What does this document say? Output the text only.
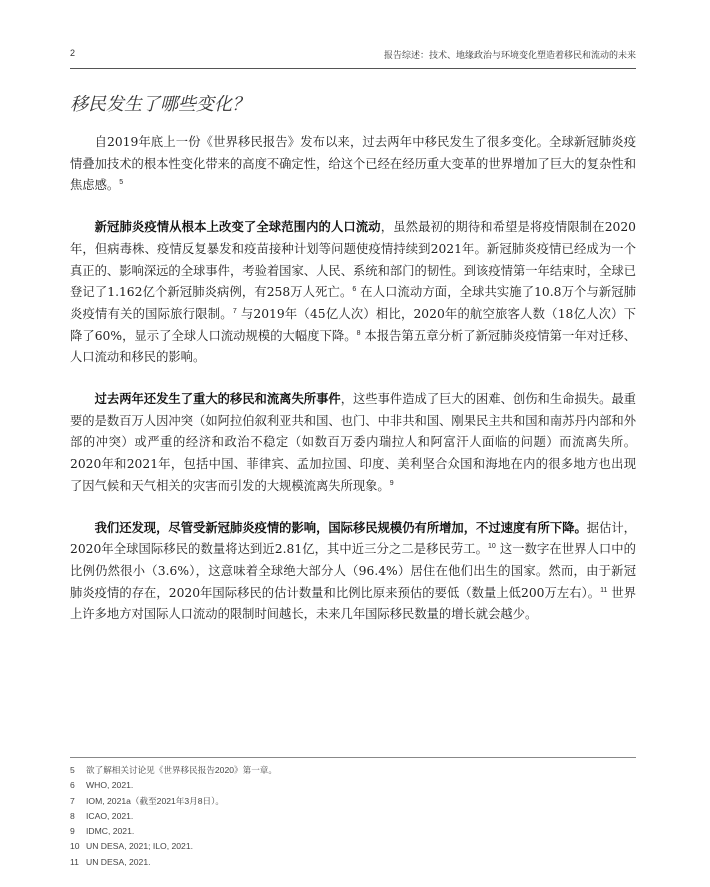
2	报告综述：技术、地缘政治与环境变化塑造着移民和流动的未来
移民发生了哪些变化？

自2019年底上一份《世界移民报告》发布以来，过去两年中移民发生了很多变化。全球新冠肺炎疫情叠加技术的根本性变化带来的高度不确定性，给这个已经在经历重大变革的世界增加了巨大的复杂性和焦虑感。$^5$

新冠肺炎疫情从根本上改变了全球范围内的人口流动，虽然最初的期待和希望是将疫情限制在2020年，但病毒株、疫情反复暴发和疫苗接种计划等问题使疫情持续到2021年。新冠肺炎疫情已经成为一个真正的、影响深远的全球事件，考验着国家、人民、系统和部门的韧性。到该疫情第一年结束时，全球已登记了1.162亿个新冠肺炎病例，有258万人死亡。$^6$ 在人口流动方面，全球共实施了10.8万个与新冠肺炎疫情有关的国际旅行限制。$^7$ 与2019年（45亿人次）相比，2020年的航空旅客人数（18亿人次）下降了60%，显示了全球人口流动规模的大幅度下降。$^8$ 本报告第五章分析了新冠肺炎疫情第一年对迁移、人口流动和移民的影响。

过去两年还发生了重大的移民和流离失所事件，这些事件造成了巨大的困难、创伤和生命损失。最重要的是数百万人因冲突（如阿拉伯叙利亚共和国、也门、中非共和国、刚果民主共和国和南苏丹内部和外部的冲突）或严重的经济和政治不稳定（如数百万委内瑞拉人和阿富汗人面临的问题）而流离失所。2020年和2021年，包括中国、菲律宾、孟加拉国、印度、美利坚合众国和海地在内的很多地方也出现了因气候和天气相关的灾害而引发的大规模流离失所现象。$^9$

我们还发现，尽管受新冠肺炎疫情的影响，国际移民规模仍有所增加，不过速度有所下降。据估计，2020年全球国际移民的数量将达到近2.81亿，其中近三分之二是移民劳工。$^{10}$ 这一数字在世界人口中的比例仍然很小（3.6%），这意味着全球绝大部分人（96.4%）居住在他们出生的国家。然而，由于新冠肺炎疫情的存在，2020年国际移民的估计数量和比例比原来预估的要低（数量上低200万左右）。$^{11}$ 世界上许多地方对国际人口流动的限制时间越长，未来几年国际移民数量的增长就会越少。

5 欲了解相关讨论见《世界移民报告2020》第一章。
6 WHO, 2021.
7 IOM, 2021a（截至2021年3月8日）。
8 ICAO, 2021.
9 IDMC, 2021.
10 UN DESA, 2021; ILO, 2021.
11 UN DESA, 2021.
